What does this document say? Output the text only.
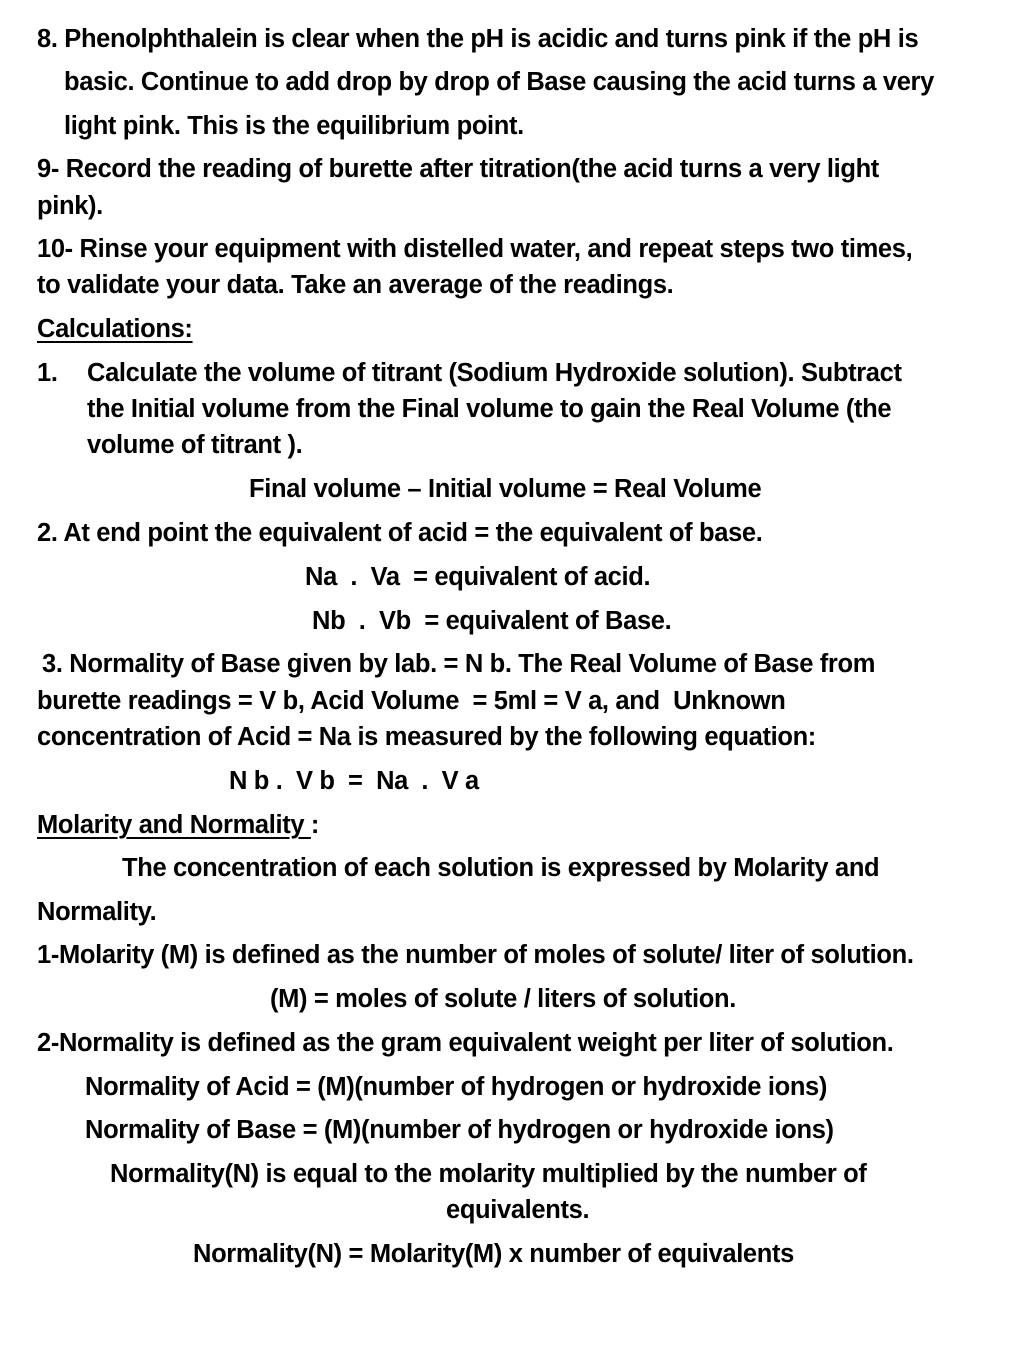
8. Phenolphthalein is clear when the pH is acidic and turns pink if the pH is
basic. Continue to add drop by drop of Base causing the acid turns a very
light pink. This is the equilibrium point.
9- Record the reading of burette after titration(the acid turns a very light
pink).
10- Rinse your equipment with distelled water, and repeat steps two times,
to validate your data. Take an average of the readings.
Calculations:
1. Calculate the volume of titrant (Sodium Hydroxide solution). Subtract
the Initial volume from the Final volume to gain the Real Volume (the
volume of titrant ).
Final volume – Initial volume = Real Volume
2. At end point the equivalent of acid = the equivalent of base.
Na  .  Va  = equivalent of acid.
Nb  .  Vb  = equivalent of Base.
3. Normality of Base given by lab. = N b. The Real Volume of Base from
burette readings = V b, Acid Volume  = 5ml = V a, and  Unknown
concentration of Acid = Na is measured by the following equation:
N b .  V b  =  Na  .  V a
Molarity and Normality :
The concentration of each solution is expressed by Molarity and
Normality.
1-Molarity (M) is defined as the number of moles of solute/ liter of solution.
(M) = moles of solute / liters of solution.
2-Normality is defined as the gram equivalent weight per liter of solution.
Normality of Acid = (M)(number of hydrogen or hydroxide ions)
Normality of Base = (M)(number of hydrogen or hydroxide ions)
Normality(N) is equal to the molarity multiplied by the number of
equivalents.
Normality(N) = Molarity(M) x number of equivalents
